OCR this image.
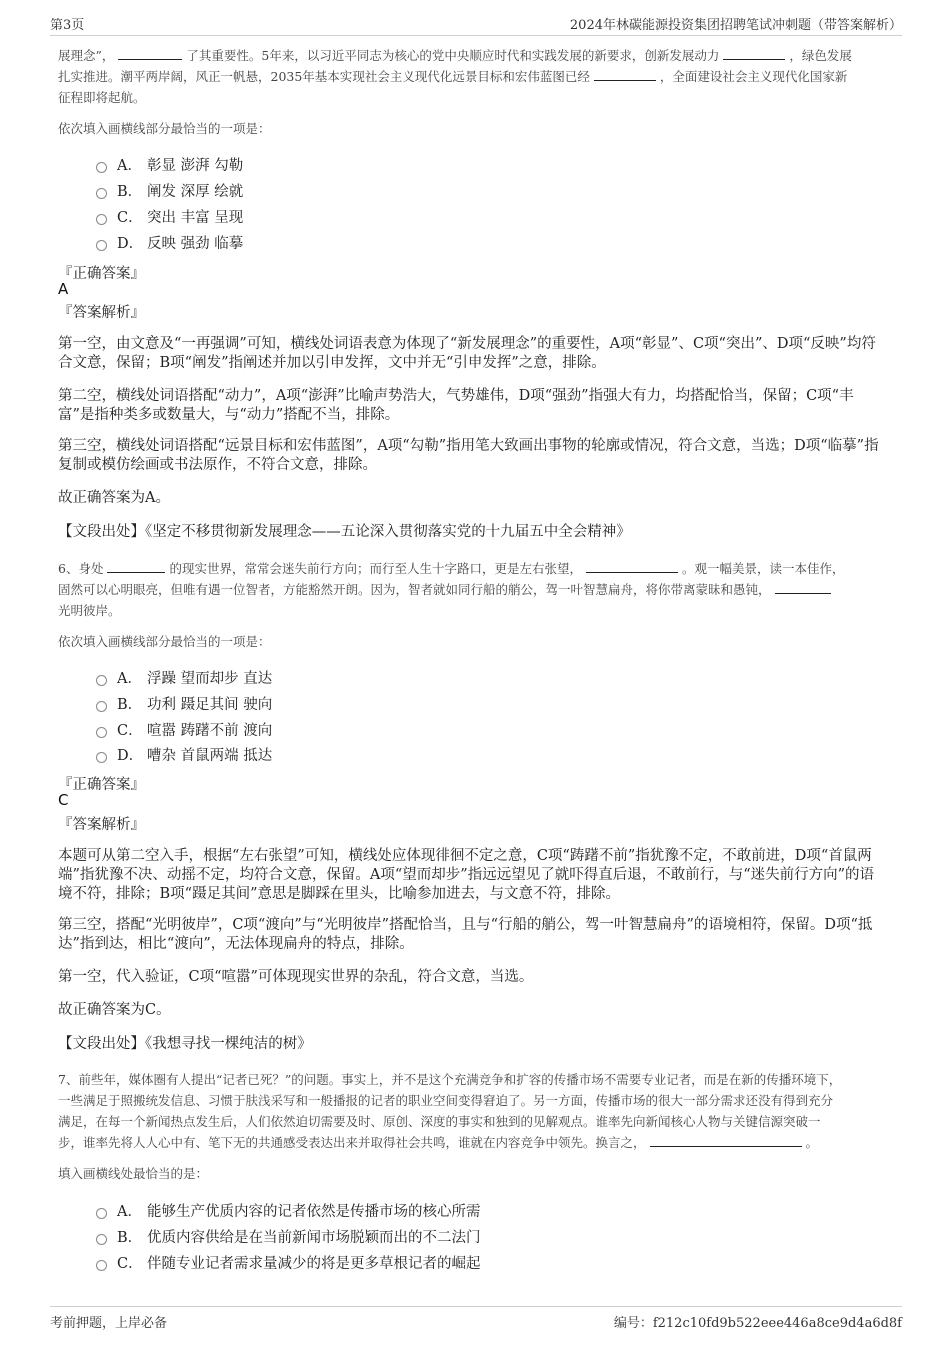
第3页	2024年林碳能源投资集团招聘笔试冲刺题（带答案解析）
展理念”，	了其重要性。5年来，以习近平同志为核心的党中央顺应时代和实践发展的新要求，创新发展动力	，绿色发展
扎实推进。潮平两岸阔，风正一帆悬，2035年基本实现社会主义现代化远景目标和宏伟蓝图已经	，全面建设社会主义现代化国家新
征程即将起航。
依次填入画横线部分最恰当的一项是：
A． 彰显 澎湃 勾勒
B． 阐发 深厚 绘就
C． 突出 丰富 呈现
D． 反映 强劲 临摹
『正确答案』
A
『答案解析』
第一空，由文意及“一再强调”可知，横线处词语表意为体现了“新发展理念”的重要性，A项“彰显”、C项“突出”、D项“反映”均符合文意，保留；B项“阐发”指阐述并加以引申发挥，文中并无“引申发挥”之意，排除。
第二空，横线处词语搭配“动力”，A项“澎湃”比喻声势浩大，气势雄伟，D项“强劲”指强大有力，均搭配恰当，保留；C项“丰富”是指种类多或数量大，与“动力”搭配不当，排除。
第三空，横线处词语搭配“远景目标和宏伟蓝图”，A项“勾勒”指用笔大致画出事物的轮廓或情况，符合文意，当选；D项“临摹”指复制或模仿绘画或书法原作，不符合文意，排除。
故正确答案为A。
【文段出处】《坚定不移贯彻新发展理念——五论深入贯彻落实党的十九届五中全会精神》
6、身处	的现实世界，常常会迷失前行方向；而行至人生十字路口，更是左右张望，	。观一幅美景，读一本佳作，
固然可以心明眼亮，但唯有遇一位智者，方能豁然开朗。因为，智者就如同行船的艄公，驾一叶智慧扁舟，将你带离蒙昧和愚钝，
光明彼岸。
依次填入画横线部分最恰当的一项是：
A． 浮躁 望而却步 直达
B． 功利 蹑足其间 驶向
C． 喧嚣 踌躇不前 渡向
D． 嘈杂 首鼠两端 抵达
『正确答案』
C
『答案解析』
本题可从第二空入手，根据“左右张望”可知，横线处应体现徘徊不定之意，C项“踌躇不前”指犹豫不定，不敢前进，D项“首鼠两端”指犹豫不决、动摇不定，均符合文意，保留。A项“望而却步”指远远望见了就吓得直后退，不敢前行，与“迷失前行方向”的语境不符，排除；B项“蹑足其间”意思是脚踩在里头，比喻参加进去，与文意不符，排除。
第三空，搭配“光明彼岸”，C项“渡向”与“光明彼岸”搭配恰当，且与“行船的艄公，驾一叶智慧扁舟”的语境相符，保留。D项“抵达”指到达，相比“渡向”，无法体现扁舟的特点，排除。
第一空，代入验证，C项“喧嚣”可体现现实世界的杂乱，符合文意，当选。
故正确答案为C。
【文段出处】《我想寻找一棵纯洁的树》
7、前些年，媒体圈有人提出“记者已死？”的问题。事实上，并不是这个充满竞争和扩容的传播市场不需要专业记者，而是在新的传播环境下，
一些满足于照搬统发信息、习惯于肤浅采写和一般播报的记者的职业空间变得窘迫了。另一方面，传播市场的很大一部分需求还没有得到充分
满足，在每一个新闻热点发生后，人们依然迫切需要及时、原创、深度的事实和独到的见解观点。谁率先向新闻核心人物与关键信源突破一
步，谁率先将人人心中有、笔下无的共通感受表达出来并取得社会共鸣，谁就在内容竞争中领先。换言之，	。
填入画横线处最恰当的是：
A． 能够生产优质内容的记者依然是传播市场的核心所需
B． 优质内容供给是在当前新闻市场脱颖而出的不二法门
C． 伴随专业记者需求量减少的将是更多草根记者的崛起
考前押题，上岸必备	编号：f212c10fd9b522eee446a8ce9d4a6d8f
